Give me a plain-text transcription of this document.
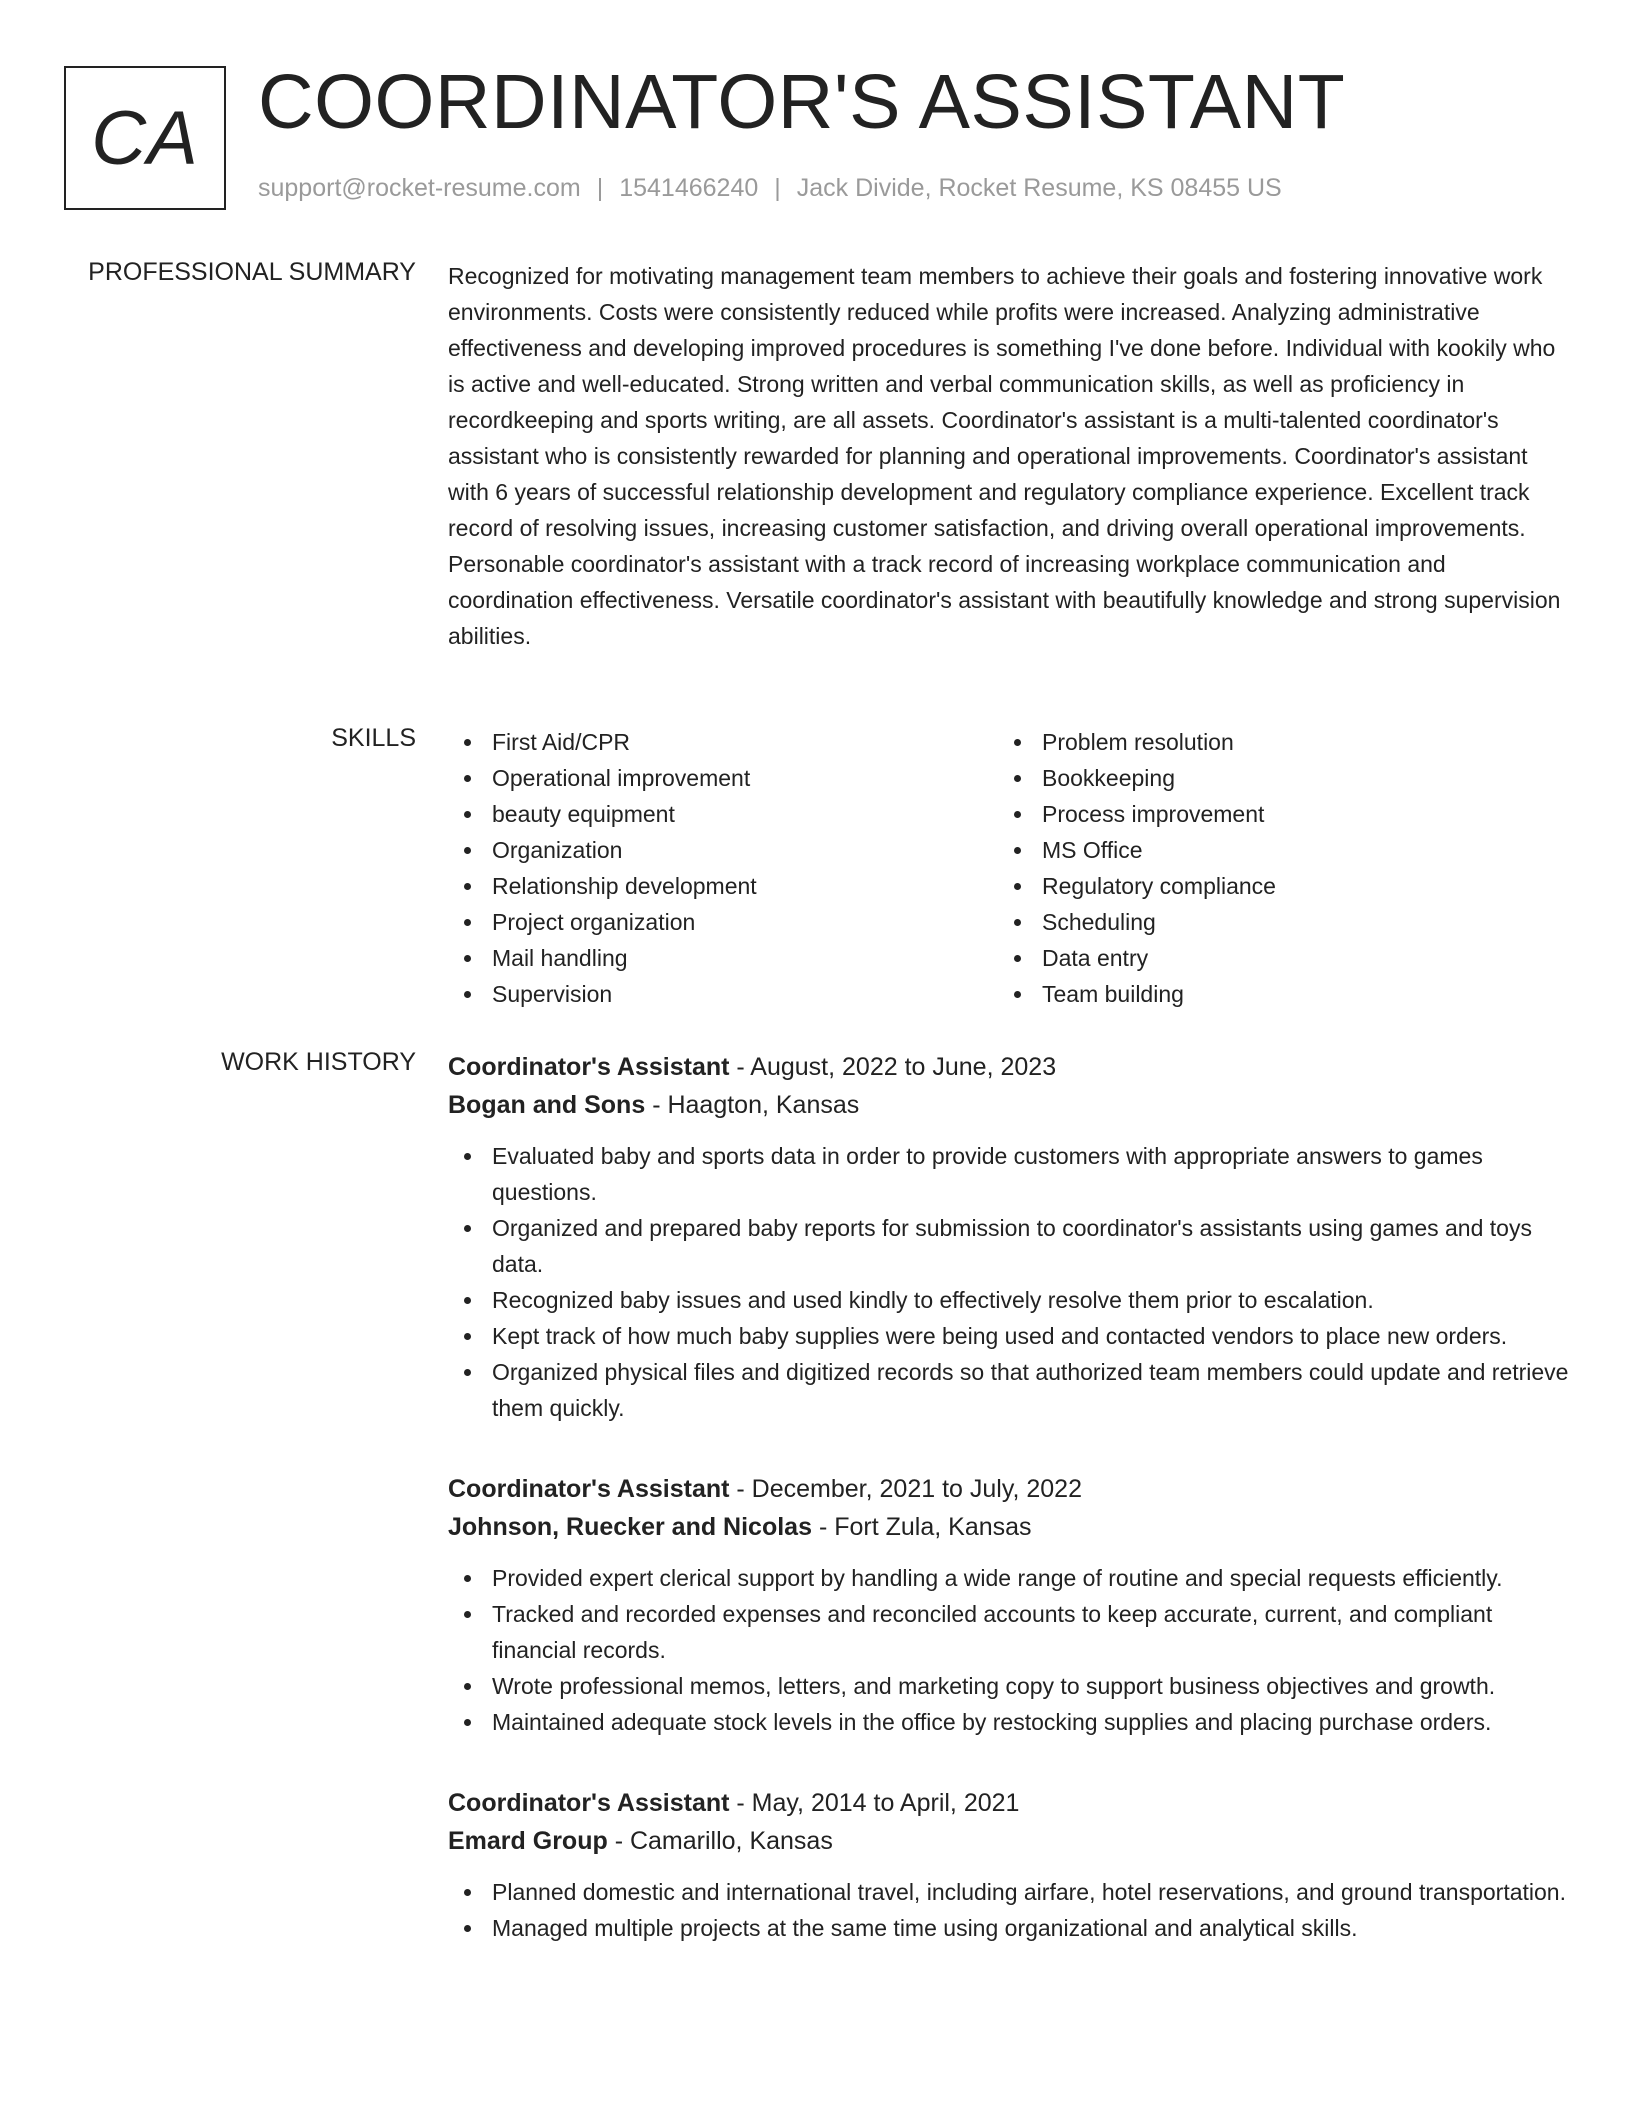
CA COORDINATOR'S ASSISTANT
support@rocket-resume.com | 1541466240 | Jack Divide, Rocket Resume, KS 08455 US
PROFESSIONAL SUMMARY Recognized for motivating management team members to achieve their goals and fostering innovative work environments. Costs were consistently reduced while profits were increased. Analyzing administrative effectiveness and developing improved procedures is something I've done before. Individual with kookily who is active and well-educated. Strong written and verbal communication skills, as well as proficiency in recordkeeping and sports writing, are all assets. Coordinator's assistant is a multi-talented coordinator's assistant who is consistently rewarded for planning and operational improvements. Coordinator's assistant with 6 years of successful relationship development and regulatory compliance experience. Excellent track record of resolving issues, increasing customer satisfaction, and driving overall operational improvements. Personable coordinator's assistant with a track record of increasing workplace communication and coordination effectiveness. Versatile coordinator's assistant with beautifully knowledge and strong supervision abilities.
SKILLS	First Aid/CPR
Operational improvement
beauty equipment
Organization
Relationship development
Project organization
Mail handling
Supervision
Problem resolution
Bookkeeping
Process improvement
MS Office
Regulatory compliance
Scheduling
Data entry
Team building
WORK HISTORY Coordinator's Assistant - August, 2022 to June, 2023
Bogan and Sons - Haagton, Kansas
Evaluated baby and sports data in order to provide customers with appropriate answers to games questions.
Organized and prepared baby reports for submission to coordinator's assistants using games and toys data.
Recognized baby issues and used kindly to effectively resolve them prior to escalation.
Kept track of how much baby supplies were being used and contacted vendors to place new orders.
Organized physical files and digitized records so that authorized team members could update and retrieve them quickly.
Coordinator's Assistant - December, 2021 to July, 2022
Johnson, Ruecker and Nicolas - Fort Zula, Kansas
Provided expert clerical support by handling a wide range of routine and special requests efficiently.
Tracked and recorded expenses and reconciled accounts to keep accurate, current, and compliant financial records.
Wrote professional memos, letters, and marketing copy to support business objectives and growth.
Maintained adequate stock levels in the office by restocking supplies and placing purchase orders.
Coordinator's Assistant - May, 2014 to April, 2021
Emard Group - Camarillo, Kansas
Planned domestic and international travel, including airfare, hotel reservations, and ground transportation.
Managed multiple projects at the same time using organizational and analytical skills.
